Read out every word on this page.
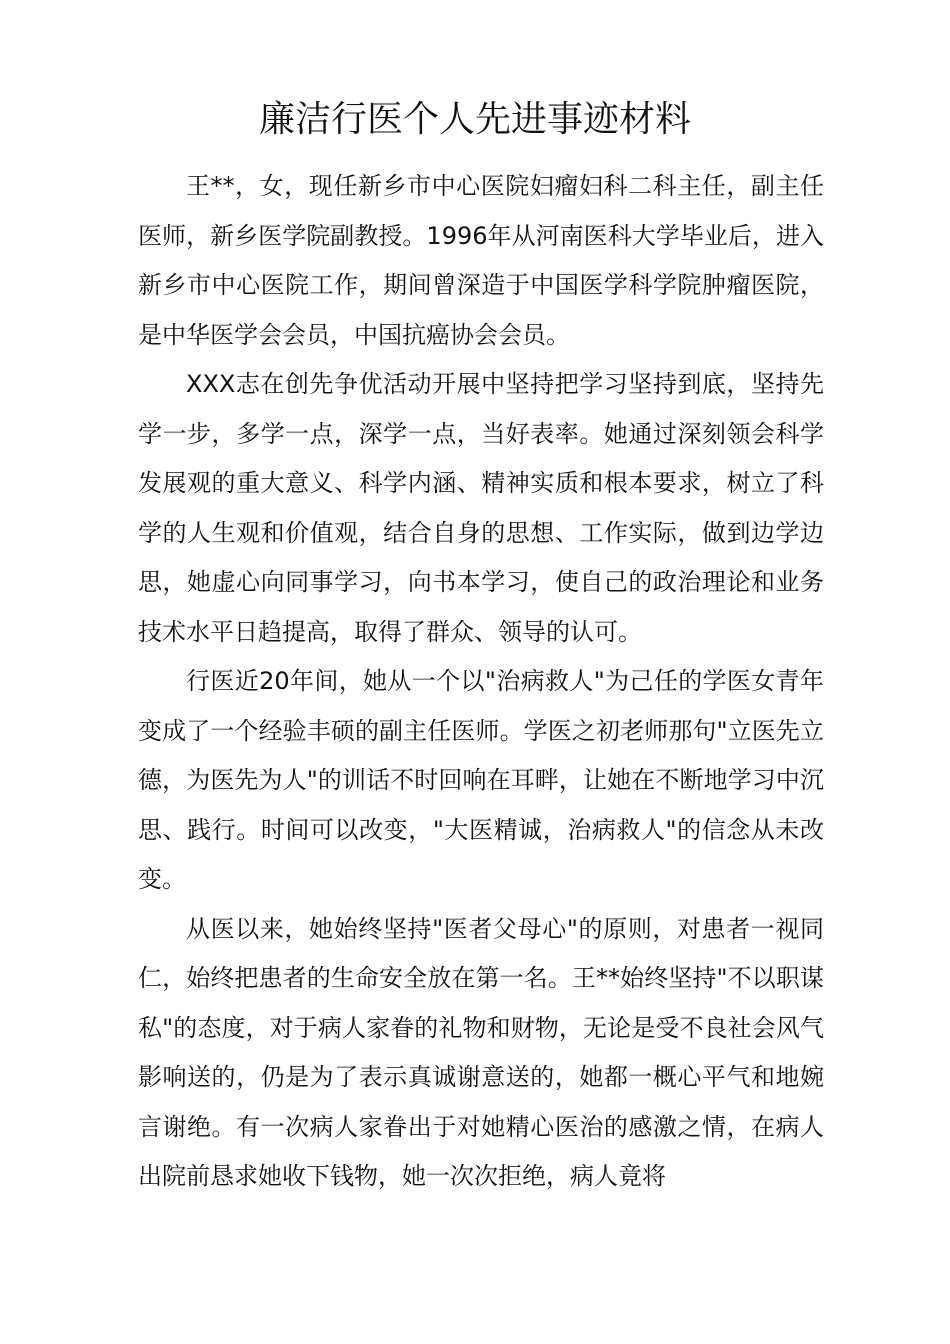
廉洁行医个人先进事迹材料

王**，女，现任新乡市中心医院妇瘤妇科二科主任，副主任医师，新乡医学院副教授。1996年从河南医科大学毕业后，进入新乡市中心医院工作，期间曾深造于中国医学科学院肿瘤医院，是中华医学会会员，中国抗癌协会会员。

XXX志在创先争优活动开展中坚持把学习坚持到底，坚持先学一步，多学一点，深学一点，当好表率。她通过深刻领会科学发展观的重大意义、科学内涵、精神实质和根本要求，树立了科学的人生观和价值观，结合自身的思想、工作实际，做到边学边思，她虚心向同事学习，向书本学习，使自己的政治理论和业务技术水平日趋提高，取得了群众、领导的认可。

行医近20年间，她从一个以"治病救人"为己任的学医女青年变成了一个经验丰硕的副主任医师。学医之初老师那句"立医先立德，为医先为人"的训话不时回响在耳畔，让她在不断地学习中沉思、践行。时间可以改变，"大医精诚，治病救人"的信念从未改变。

从医以来，她始终坚持"医者父母心"的原则，对患者一视同仁，始终把患者的生命安全放在第一名。王**始终坚持"不以职谋私"的态度，对于病人家眷的礼物和财物，无论是受不良社会风气影响送的，仍是为了表示真诚谢意送的，她都一概心平气和地婉言谢绝。有一次病人家眷出于对她精心医治的感激之情，在病人出院前恳求她收下钱物，她一次次拒绝，病人竟将
